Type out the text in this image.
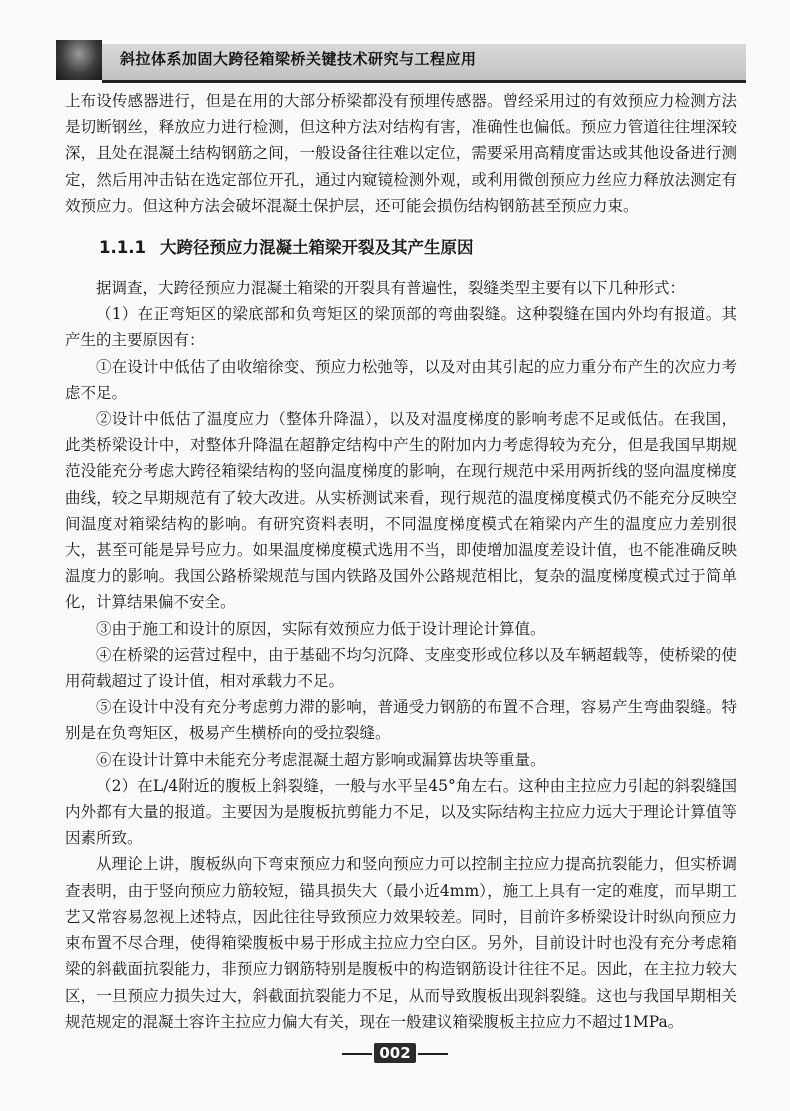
斜拉体系加固大跨径箱梁桥关键技术研究与工程应用

上布设传感器进行，但是在用的大部分桥梁都没有预埋传感器。曾经采用过的有效预应力检测方法是切断钢丝，释放应力进行检测，但这种方法对结构有害，准确性也偏低。预应力管道往往埋深较深，且处在混凝土结构钢筋之间，一般设备往往难以定位，需要采用高精度雷达或其他设备进行测定，然后用冲击钻在选定部位开孔，通过内窥镜检测外观，或利用微创预应力丝应力释放法测定有效预应力。但这种方法会破坏混凝土保护层，还可能会损伤结构钢筋甚至预应力束。

1.1.1 大跨径预应力混凝土箱梁开裂及其产生原因

据调查，大跨径预应力混凝土箱梁的开裂具有普遍性，裂缝类型主要有以下几种形式：

（1）在正弯矩区的梁底部和负弯矩区的梁顶部的弯曲裂缝。这种裂缝在国内外均有报道。其产生的主要原因有：

①在设计中低估了由收缩徐变、预应力松弛等，以及对由其引起的应力重分布产生的次应力考虑不足。

②设计中低估了温度应力（整体升降温），以及对温度梯度的影响考虑不足或低估。在我国，此类桥梁设计中，对整体升降温在超静定结构中产生的附加内力考虑得较为充分，但是我国早期规范没能充分考虑大跨径箱梁结构的竖向温度梯度的影响，在现行规范中采用两折线的竖向温度梯度曲线，较之早期规范有了较大改进。从实桥测试来看，现行规范的温度梯度模式仍不能充分反映空间温度对箱梁结构的影响。有研究资料表明，不同温度梯度模式在箱梁内产生的温度应力差别很大，甚至可能是异号应力。如果温度梯度模式选用不当，即使增加温度差设计值，也不能准确反映温度力的影响。我国公路桥梁规范与国内铁路及国外公路规范相比，复杂的温度梯度模式过于简单化，计算结果偏不安全。

③由于施工和设计的原因，实际有效预应力低于设计理论计算值。

④在桥梁的运营过程中，由于基础不均匀沉降、支座变形或位移以及车辆超载等，使桥梁的使用荷载超过了设计值，相对承载力不足。

⑤在设计中没有充分考虑剪力滞的影响，普通受力钢筋的布置不合理，容易产生弯曲裂缝。特别是在负弯矩区，极易产生横桥向的受拉裂缝。

⑥在设计计算中未能充分考虑混凝土超方影响或漏算齿块等重量。

（2）在L/4附近的腹板上斜裂缝，一般与水平呈45°角左右。这种由主拉应力引起的斜裂缝国内外都有大量的报道。主要因为是腹板抗剪能力不足，以及实际结构主拉应力远大于理论计算值等因素所致。

从理论上讲，腹板纵向下弯束预应力和竖向预应力可以控制主拉应力提高抗裂能力，但实桥调查表明，由于竖向预应力筋较短，锚具损失大（最小近4mm），施工上具有一定的难度，而早期工艺又常容易忽视上述特点，因此往往导致预应力效果较差。同时，目前许多桥梁设计时纵向预应力束布置不尽合理，使得箱梁腹板中易于形成主拉应力空白区。另外，目前设计时也没有充分考虑箱梁的斜截面抗裂能力，非预应力钢筋特别是腹板中的构造钢筋设计往往不足。因此，在主拉力较大区，一旦预应力损失过大，斜截面抗裂能力不足，从而导致腹板出现斜裂缝。这也与我国早期相关规范规定的混凝土容许主拉应力偏大有关，现在一般建议箱梁腹板主拉应力不超过1MPa。

002
